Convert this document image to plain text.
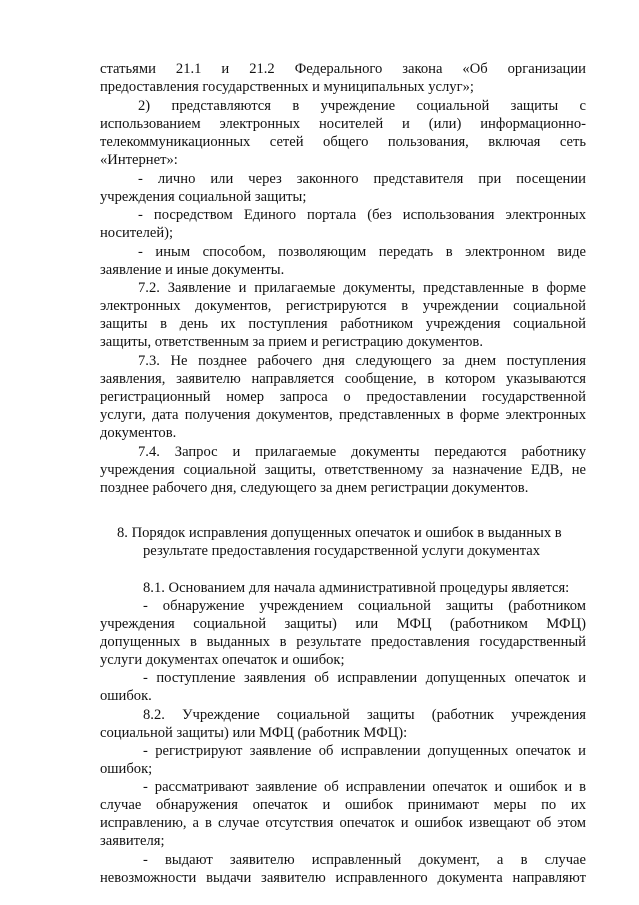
статьями 21.1 и 21.2 Федерального закона «Об организации
предоставления государственных и муниципальных услуг»;
2) представляются в учреждение социальной защиты с
использованием электронных носителей и (или) информационно-
телекоммуникационных сетей общего пользования, включая сеть
«Интернет»:
- лично или через законного представителя при посещении
учреждения социальной защиты;
- посредством Единого портала (без использования электронных
носителей);
- иным способом, позволяющим передать в электронном виде
заявление и иные документы.
7.2. Заявление и прилагаемые документы, представленные в форме
электронных документов, регистрируются в учреждении социальной
защиты в день их поступления работником учреждения социальной
защиты, ответственным за прием и регистрацию документов.
7.3. Не позднее рабочего дня следующего за днем поступления
заявления, заявителю направляется сообщение, в котором указываются
регистрационный номер запроса о предоставлении государственной
услуги, дата получения документов, представленных в форме электронных
документов.
7.4. Запрос и прилагаемые документы передаются работнику
учреждения социальной защиты, ответственному за назначение ЕДВ, не
позднее рабочего дня, следующего за днем регистрации документов.
8. Порядок исправления допущенных опечаток и ошибок в выданных в
результате предоставления государственной услуги документах
8.1. Основанием для начала административной процедуры является:
- обнаружение учреждением социальной защиты (работником
учреждения социальной защиты) или МФЦ (работником МФЦ)
допущенных в выданных в результате предоставления государственный
услуги документах опечаток и ошибок;
- поступление заявления об исправлении допущенных опечаток и
ошибок.
8.2. Учреждение социальной защиты (работник учреждения
социальной защиты) или МФЦ (работник МФЦ):
- регистрируют заявление об исправлении допущенных опечаток и
ошибок;
- рассматривают заявление об исправлении опечаток и ошибок и в
случае обнаружения опечаток и ошибок принимают меры по их
исправлению, а в случае отсутствия опечаток и ошибок извещают об этом
заявителя;
- выдают заявителю исправленный документ, а в случае
невозможности выдачи заявителю исправленного документа направляют
